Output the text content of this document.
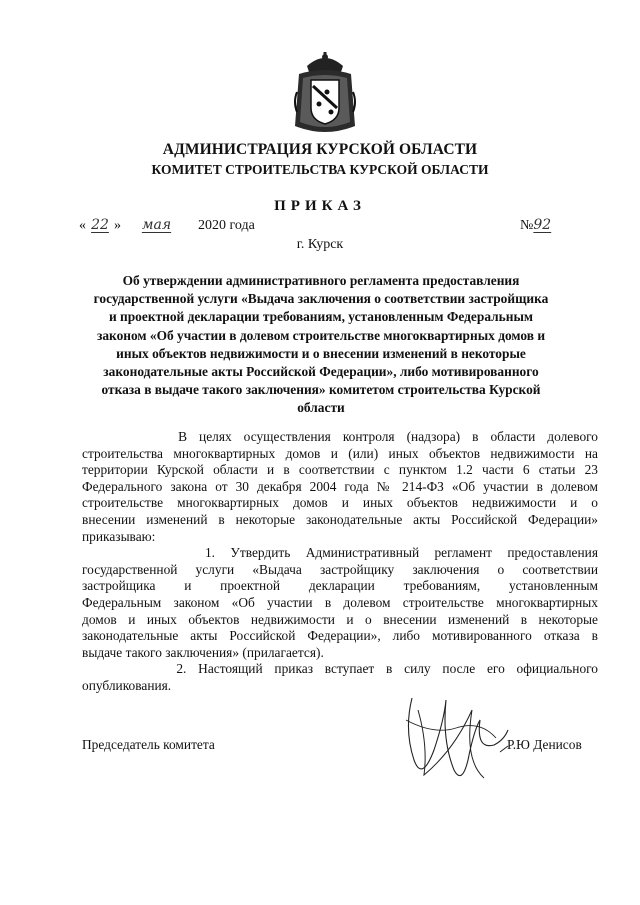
АДМИНИСТРАЦИЯ КУРСКОЙ ОБЛАСТИ
КОМИТЕТ СТРОИТЕЛЬСТВА КУРСКОЙ ОБЛАСТИ
ПРИКАЗ
« 22 » мая 2020 года	№92
г. Курск
Об утверждении административного регламента предоставления
государственной услуги «Выдача заключения о соответствии застройщика
и проектной декларации требованиям, установленным Федеральным
законом «Об участии в долевом строительстве многоквартирных домов и
иных объектов недвижимости и о внесении изменений в некоторые
законодательные акты Российской Федерации», либо мотивированного
отказа в выдаче такого заключения» комитетом строительства Курской
области
В целях осуществления контроля (надзора) в области долевого
строительства многоквартирных домов и (или) иных объектов недвижимости на
территории Курской области и в соответствии с пунктом 1.2 части 6 статьи 23
Федерального закона от 30 декабря 2004 года № 214-ФЗ «Об участии в долевом
строительстве многоквартирных домов и иных объектов недвижимости и о
внесении изменений в некоторые законодательные акты Российской Федерации»
приказываю:
1. Утвердить Административный регламент предоставления
государственной услуги «Выдача застройщику заключения о соответствии
застройщика и проектной декларации требованиям, установленным
Федеральным законом «Об участии в долевом строительстве многоквартирных
домов и иных объектов недвижимости и о внесении изменений в некоторые
законодательные акты Российской Федерации», либо мотивированного отказа в
выдаче такого заключения» (прилагается).
2. Настоящий приказ вступает в силу после его официального
опубликования.
Председатель комитета	Р.Ю Денисов
